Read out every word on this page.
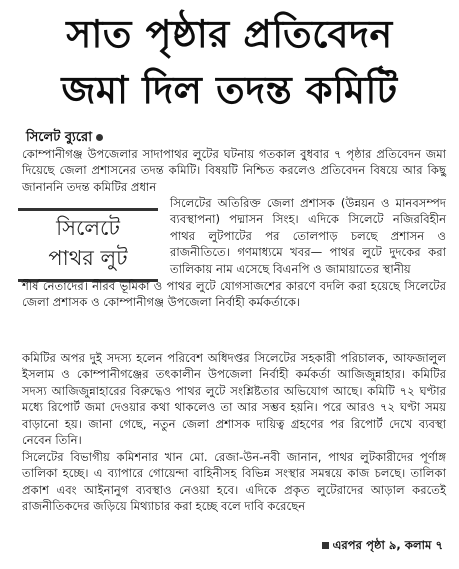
সাত পৃষ্ঠার প্রতিবেদন
জমা দিল তদন্ত কমিটি
সিলেট ব্যুরো
কোম্পানীগঞ্জ উপজেলার সাদাপাথর লুটের ঘটনায় গতকাল বুধবার ৭ পৃষ্ঠার প্রতিবেদন জমা দিয়েছে জেলা প্রশাসনের তদন্ত কমিটি। বিষয়টি নিশ্চিত করলেও প্রতিবেদন বিষয়ে আর কিছু জানাননি তদন্ত কমিটির প্রধান
সিলেটে
পাথর লুট
সিলেটের অতিরিক্ত জেলা প্রশাসক (উন্নয়ন ও মানবসম্পদ ব্যবস্থাপনা) পদ্মাসন সিংহ। এদিকে সিলেটে নজিরবিহীন পাথর লুটপাটের পর তোলপাড় চলছে প্রশাসন ও রাজনীতিতে। গণমাধ্যমে খবর— পাথর লুটে দুদকের করা তালিকায় নাম এসেছে বিএনপি ও জামায়াতের স্থানীয়
শীর্ষ নেতাদের। নীরব ভূমিকা ও পাথর লুটে যোগসাজশের কারণে বদলি করা হয়েছে সিলেটের জেলা প্রশাসক ও কোম্পানীগঞ্জ উপজেলা নির্বাহী কর্মকর্তাকে।
কমিটির অপর দুই সদস্য হলেন পরিবেশ অধিদপ্তর সিলেটের সহকারী পরিচালক, আফজালুল ইসলাম ও কোম্পানীগঞ্জের তৎকালীন উপজেলা নির্বাহী কর্মকর্তা আজিজুন্নাহার। কমিটির সদস্য আজিজুন্নাহারের বিরুদ্ধেও পাথর লুটে সংশ্লিষ্টতার অভিযোগ আছে। কমিটি ৭২ ঘণ্টার মধ্যে রিপোর্ট জমা দেওয়ার কথা থাকলেও তা আর সম্ভব হয়নি। পরে আরও ৭২ ঘণ্টা সময় বাড়ানো হয়। জানা গেছে, নতুন জেলা প্রশাসক দায়িত্ব গ্রহণের পর রিপোর্ট দেখে ব্যবস্থা নেবেন তিনি।
সিলেটের বিভাগীয় কমিশনার খান মো. রেজা-উন-নবী জানান, পাথর লুটকারীদের পূর্ণাঙ্গ তালিকা হচ্ছে। এ ব্যাপারে গোয়েন্দা বাহিনীসহ বিভিন্ন সংস্থার সমন্বয়ে কাজ চলছে। তালিকা প্রকাশ এবং আইনানুগ ব্যবস্থাও নেওয়া হবে। এদিকে প্রকৃত লুটেরাদের আড়াল করতেই রাজনীতিকদের জড়িয়ে মিথ্যাচার করা হচ্ছে বলে দাবি করেছেন
এরপর পৃষ্ঠা ৯, কলাম ৭
